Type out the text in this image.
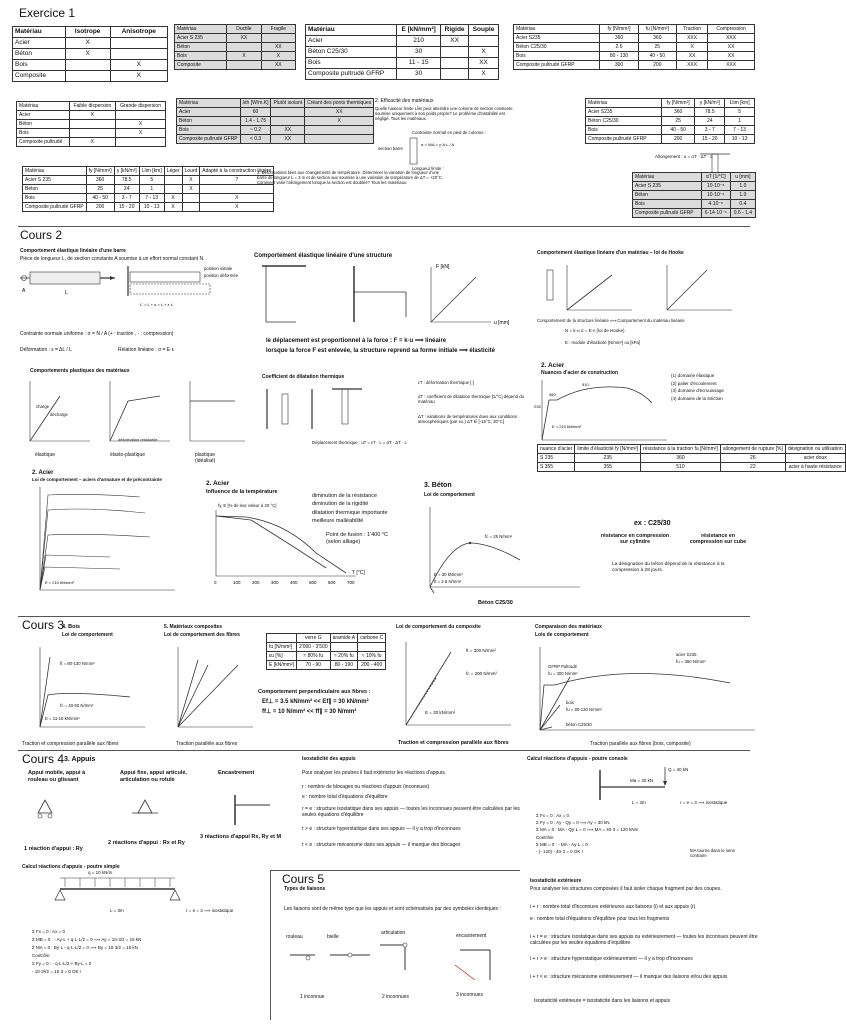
Exercice 1
Matériau	Isotrope	Anisotrope
Acier	X	
Béton	X	
Bois		X
Composite		X
Matériau	Ductile	Fragile
Acier S 235	XX	
Béton		XX
Bois	X	X
Composite		XX
Matériau	E [kN/mm²]	Rigide	Souple
Acier	210	XX	
Béton C25/30	30		X
Bois	11 - 15		XX
Composite pultrudé GFRP	30		X
Matériau	fy [N/mm²]	fu [N/mm²]	Traction	Compression
Acier S235	360	360	XXX	XXX
Béton C25/30	2.6	25	X	XX
Bois	80 - 130	40 - 50	XX	XX
Composite pultrudé GFRP	300	200	XXX	XXX
Matériau	Faible dispersion	Grande dispersion
Acier	X	
Béton		X
Bois		X
Composite pultrudé	X	
Matériau	λth [W/m.K]	Plutôt isolant	Créant des ponts thermiques
Acier	60		XX
Béton	1.4 - 1.75		X
Bois	~ 0.2	XX	
Composite pultrudé GFRP	< 0.3	XX	
2. Efficacité des matériaux
Quelle hauteur limite Llim peut atteindre une colonne de section constante soumise uniquement à son poids propre? Le problème d'instabilité est négligé. Tous les matériaux.
Contrainte normal en pied de colonne :
section barre
Longueur limite :
σ = N/A = γ·A·L / A
Matériau	fy [N/mm²]	γ [kN/m³]	Llim [km]
Acier S235	360	78.5	5
Béton C25/30	25	24	1
Bois	40 - 50	3 - 7	7 - 13
Composite pultrudé GFRP	200	15 - 20	10 - 13
Matériau	fy [N/mm²]	γ [kN/m³]	Llim [km]	Léger	Lourd	Adapté à la construction légère
Acier S 235	360	78.5	5		X	?
Béton	25	24	1		X	
Bois	40 - 50	3 - 7	7 - 13	X		X
Composite pultrudé GFRP	200	15 - 20	10 - 13	X		X
3. Déformations liées aux changements de température. Déterminer la variation de longueur d'une barre de longueur L = 3 m et de section aux soumise à une variation de température de ΔT = +20°C. Comment varie l'allongement lorsque la section est doublée? Tous les matériaux.
Allongement : u = αT · ΔT · L
Matériau	αT [1/°C]	u [mm]
Acier S 235	10·10⁻⁶	1.0
Béton	10·10⁻⁶	1.0
Bois	4·10⁻⁶	0.4
Composite pultrudé GFRP	6·14·10⁻⁶	0.6 - 1.4
Cours 2
Comportement élastique linéaire d'une barre
Pièce de longueur L, de section constante A soumise à un effort normal constant N.
A	L
L' = L + u = L + ε·L
position initiale
position déformée
Contrainte normale uniforme : σ = N / A (+ : traction , - : compression)
Déformation : ε = ΔL / L	Relation linéaire : σ = E·ε
Comportement élastique linéaire d'une structure
F [kN]
u [mm]
le déplacement est proportionnel à la force : F = k·u ⟹ linéaire
lorsque la force F est enlevée, la structure reprend sa forme initiale ⟹ élasticité
Comportement élastique linéaire d'un matériau – loi de Hooke
Comportement de la structure linéaire ⟺ Comportement du matériau linéaire
N = k·u σ = E·ε (loi de Hooke)
E : module d'élasticité [N/mm²] ou [kPa]
Comportements plastiques des matériaux
charge
décharge
déformation résiduelle
élastique	élasto-plastique	plastique (idéalisé)
Coefficient de dilatation thermique
Déplacement thermique : uT = εT · L = αT · ΔT · L
εT : déformation thermique [-]
αT : coefficient de dilatation thermique [1/°C] dépend du matériau
ΔT : variations de températures dues aux conditions atmosphériques (par ex.) ΔT ∈ [-15°C; 30°C]
2. Acier
Nuances d'acier de construction
360
510
235
E = 210 kN/mm²
(1) domaine élastique
(2) palier d'écoulement
(3) domaine d'écrouissage
(4) domaine de la striction
nuance d'acier	limite d'élasticité fy [N/mm²]	résistance à la traction fu [N/mm²]	allongement de rupture [%]	désignation ou utilisation
S 235	235	360	26	acier doux
S 355	355	510	22	acier à haute résistance
2. Acier
Loi de comportement – aciers d'armature et de précontrainte
E = 210 kN/mm²
2. Acier
Influence de la température
fy, E [% de leur valeur à 20 °C]
0	100	200	300	400	500	600	700
T [°C]
diminution de la résistance
diminution de la rigidité
dilatation thermique importante
meilleure malléabilité
Point de fusion : 1'400 °C (selon alliage)
3. Béton
Loi de comportement
fc = 25 N/mm²
E = 30 kN/mm²
ft = 2.6 N/mm²
Béton C25/30
ex : C25/30
résistance en compression sur cylindre
résistance en compression sur cube
La désignation du béton dépend de la résistance à la compression à 28 jours.
Cours 3
4. Bois
Loi de comportement
ft = 80-130 N/mm²
fc = 40-50 N/mm²
E = 11-15 kN/mm²
Traction et compression parallèle aux fibres
5. Matériaux composites
Loi de comportement des fibres
Traction parallèle aux fibres
	verre G	aramide A	carbone C
fu [N/mm²]	2'000 - 3'500		
εu [%]	≈ 80% fu	≈ 20% fu	≈ 10% fu
E [kN/mm²]	70 - 90	80 - 190	200 - 400
Comportement perpendiculaire aux fibres :
Ef⊥ = 3.5 kN/mm² << Ef∥ = 30 kN/mm²
ff⊥ = 10 N/mm² << ff∥ = 30 N/mm²
Loi de comportement du composite
ft = 300 N/mm²
fc = 200 N/mm²
E = 30 kN/mm²
Traction et compression parallèle aux fibres
Comparaison des matériaux
Lois de comportement
acier S235
fu = 360 N/mm²
GFRP Pultrudé
fu = 300 N/mm²
bois
fu = 80-130 N/mm²
béton C25/30
Traction parallèle aux fibres (bois, composite)
Cours 4 3. Appuis
Appui mobile, appui à rouleau ou glissant
Appui fixe, appui articulé, articulation ou rotule
Encastrement
1 réaction d'appui : Ry
2 réactions d'appui : Rx et Ry
3 réactions d'appui Rx, Ry et M
Isostaticité des appuis
Pour analyser les poutres il faut extériorisr les réactions d'appuis.
r : nombre de blocages ou réactions d'appuis (inconnues)
e : nombre total d'équations d'équilibre
r = e : structure isostatique dans ses appuis — toutes les inconnues peuvent être calculées par les seules équations d'équilibre
r > e : structure hyperstatique dans ses appuis — il y a trop d'inconnues
r < e : structure mécanisme dans ses appuis — il manque des blocages
Calcul réactions d'appuis - poutre console
Q = 40 kN
Ma = 30 kN
L = 3m	r = e = 3 ⟹ isostatique
Σ Fx = 0 : Ax = 0
Σ Fy = 0 : Ay - Qy = 0 ⟹ Ay = 30 kN
Σ MA = 0 : MA - Qy·L = 0 ⟹ MA = 40·3 = 120 kNm
Contrôle:
Σ MB = 0 : - MA - Ay·L = 0
- (- 120) - 40·3 = 0 OK !	MA tourne dans le sens contraire
Calcul réactions d'appuis - poutre simple
q = 10 kN/m
L = 3m	r = e = 3 ⟹ isostatique
Σ Fx = 0 : Ax = 0
Σ MB = 0 : - Ay·L + q·L·L/2 = 0 ⟹ Ay = 10·3/2 = 15 kN
Σ MA = 0 : By·L - q·L·L/2 = 0 ⟹ By = 10·3/2 = 15 kN
Contrôle:
Σ Fy = 0 : - q·L·L/2 + By·L = 0
- 10·3²/2 = 15·3 = 0 OK !
Cours 5
Types de liaisons
Les liaisons sont de même type que les appuis et sont schématisés par des symboles identiques :
rouleau	bielle
articulation	encastrement
1 inconnue	2 inconnues	3 inconnues
Isostaticité extérieure
Pour analyser les structures composées il faut isoler chaque fragment par des coupes.
i + r : nombre total d'inconnues extérieures aux liaisons (i) et aux appuis (r)
e : nombre total d'équations d'équilibre pour tous les fragments
i + r = e : structure isostatique dans ses appuis ou extérieurement — toutes les inconnues peuvent être calculées par les seules équations d'équilibre
i + r > e : structure hyperstatique extérieurement — il y a trop d'inconnues
i + r < e : structure mécanisme extérieurement — il manque des liaisons et/ou des appuis
Isostaticité extérieure = isostaticité dans les liaisons et appuis
